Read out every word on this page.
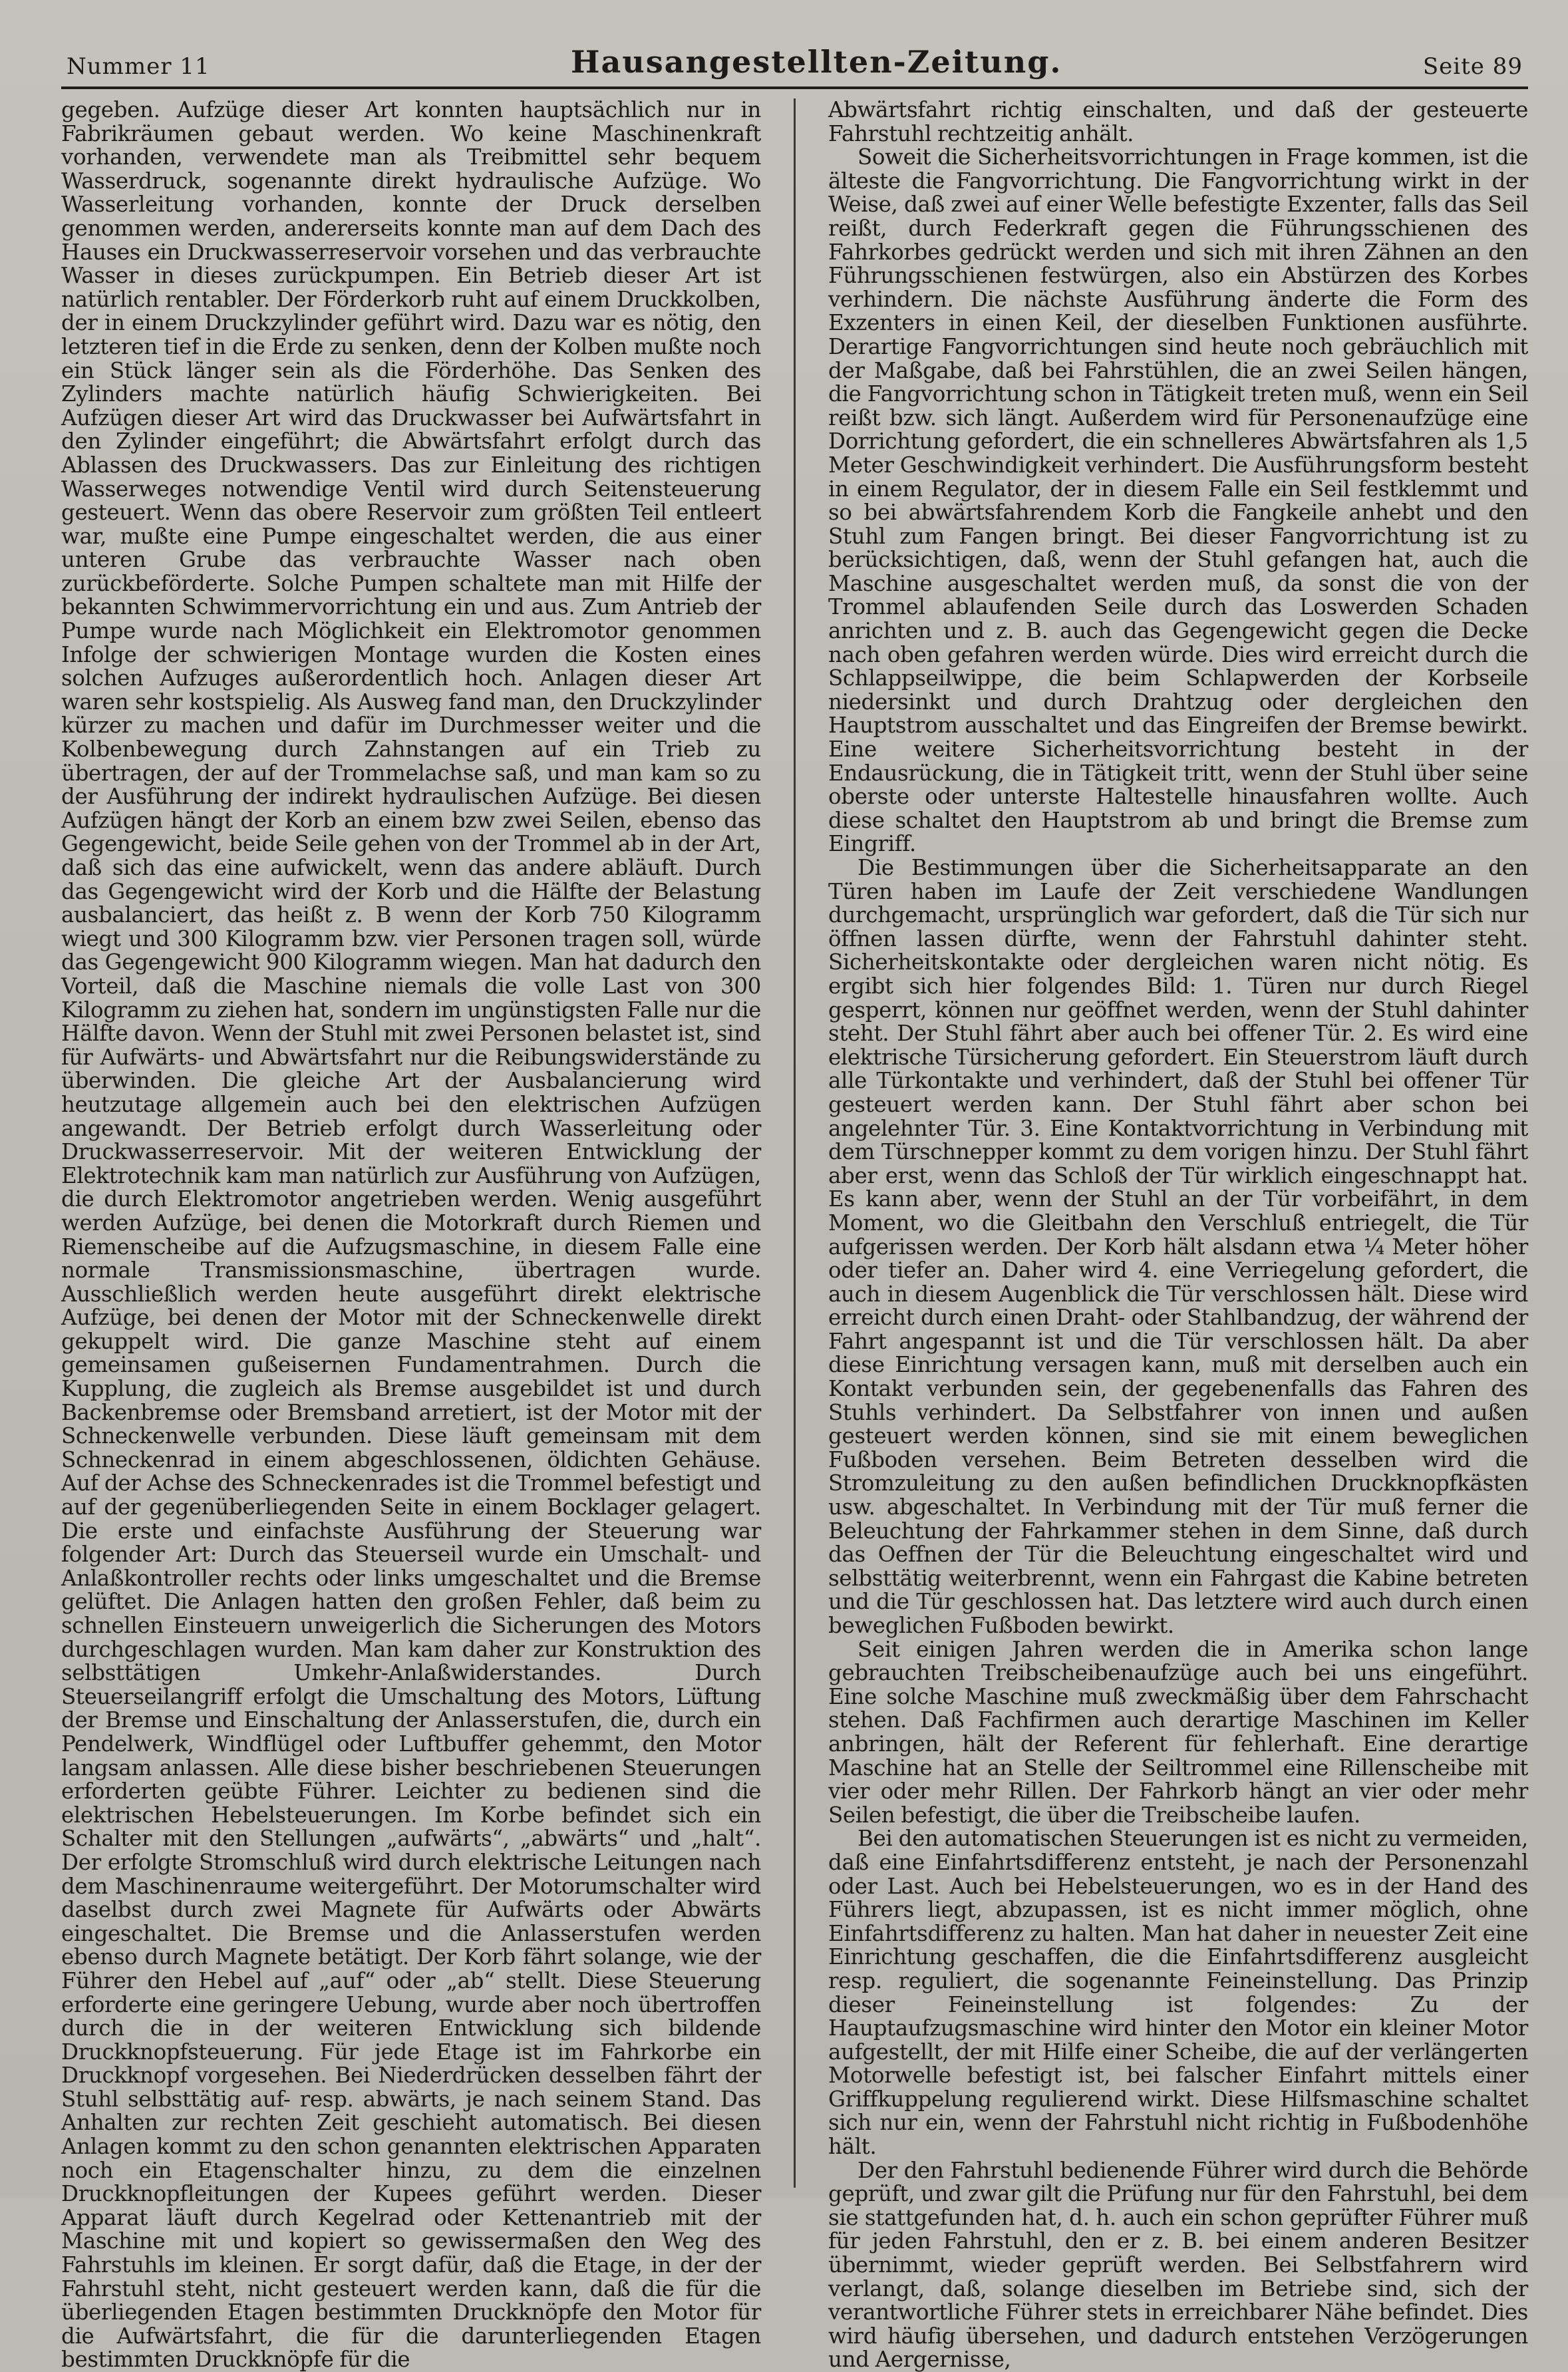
Nummer 11	Hausangestellten-Zeitung.	Seite 89

gegeben. Aufzüge dieser Art konnten hauptsächlich nur in Fabrikräumen gebaut werden. Wo keine Maschinenkraft vorhanden, verwendete man als Treibmittel sehr bequem Wasserdruck, sogenannte direkt hydraulische Aufzüge. Wo Wasserleitung vorhanden, konnte der Druck derselben genommen werden, andererseits konnte man auf dem Dach des Hauses ein Druckwasserreservoir vorsehen und das verbrauchte Wasser in dieses zurückpumpen. Ein Betrieb dieser Art ist natürlich rentabler. Der Förderkorb ruht auf einem Druckkolben, der in einem Druckzylinder geführt wird. Dazu war es nötig, den letzteren tief in die Erde zu senken, denn der Kolben mußte noch ein Stück länger sein als die Förderhöhe. Das Senken des Zylinders machte natürlich häufig Schwierigkeiten. Bei Aufzügen dieser Art wird das Druckwasser bei Aufwärtsfahrt in den Zylinder eingeführt; die Abwärtsfahrt erfolgt durch das Ablassen des Druckwassers. Das zur Einleitung des richtigen Wasserweges notwendige Ventil wird durch Seitensteuerung gesteuert. Wenn das obere Reservoir zum größten Teil entleert war, mußte eine Pumpe eingeschaltet werden, die aus einer unteren Grube das verbrauchte Wasser nach oben zurückbeförderte. Solche Pumpen schaltete man mit Hilfe der bekannten Schwimmervorrichtung ein und aus. Zum Antrieb der Pumpe wurde nach Möglichkeit ein Elektromotor genommen Infolge der schwierigen Montage wurden die Kosten eines solchen Aufzuges außerordentlich hoch. Anlagen dieser Art waren sehr kostspielig. Als Ausweg fand man, den Druckzylinder kürzer zu machen und dafür im Durchmesser weiter und die Kolbenbewegung durch Zahnstangen auf ein Trieb zu übertragen, der auf der Trommelachse saß, und man kam so zu der Ausführung der indirekt hydraulischen Aufzüge. Bei diesen Aufzügen hängt der Korb an einem bzw zwei Seilen, ebenso das Gegengewicht, beide Seile gehen von der Trommel ab in der Art, daß sich das eine aufwickelt, wenn das andere abläuft. Durch das Gegengewicht wird der Korb und die Hälfte der Belastung ausbalanciert, das heißt z. B wenn der Korb 750 Kilogramm wiegt und 300 Kilogramm bzw. vier Personen tragen soll, würde das Gegengewicht 900 Kilogramm wiegen. Man hat dadurch den Vorteil, daß die Maschine niemals die volle Last von 300 Kilogramm zu ziehen hat, sondern im ungünstigsten Falle nur die Hälfte davon. Wenn der Stuhl mit zwei Personen belastet ist, sind für Aufwärts- und Abwärtsfahrt nur die Reibungswiderstände zu überwinden. Die gleiche Art der Ausbalancierung wird heutzutage allgemein auch bei den elektrischen Aufzügen angewandt. Der Betrieb erfolgt durch Wasserleitung oder Druckwasserreservoir. Mit der weiteren Entwicklung der Elektrotechnik kam man natürlich zur Ausführung von Aufzügen, die durch Elektromotor angetrieben werden. Wenig ausgeführt werden Aufzüge, bei denen die Motorkraft durch Riemen und Riemenscheibe auf die Aufzugsmaschine, in diesem Falle eine normale Transmissionsmaschine, übertragen wurde. Ausschließlich werden heute ausgeführt direkt elektrische Aufzüge, bei denen der Motor mit der Schneckenwelle direkt gekuppelt wird. Die ganze Maschine steht auf einem gemeinsamen gußeisernen Fundamentrahmen. Durch die Kupplung, die zugleich als Bremse ausgebildet ist und durch Backenbremse oder Bremsband arretiert, ist der Motor mit der Schneckenwelle verbunden. Diese läuft gemeinsam mit dem Schneckenrad in einem abgeschlossenen, öldichten Gehäuse. Auf der Achse des Schneckenrades ist die Trommel befestigt und auf der gegenüberliegenden Seite in einem Bocklager gelagert. Die erste und einfachste Ausführung der Steuerung war folgender Art: Durch das Steuerseil wurde ein Umschalt- und Anlaßkontroller rechts oder links umgeschaltet und die Bremse gelüftet. Die Anlagen hatten den großen Fehler, daß beim zu schnellen Einsteuern unweigerlich die Sicherungen des Motors durchgeschlagen wurden. Man kam daher zur Konstruktion des selbsttätigen Umkehr-Anlaßwiderstandes. Durch Steuerseilangriff erfolgt die Umschaltung des Motors, Lüftung der Bremse und Einschaltung der Anlasserstufen, die, durch ein Pendelwerk, Windflügel oder Luftbuffer gehemmt, den Motor langsam anlassen. Alle diese bisher beschriebenen Steuerungen erforderten geübte Führer. Leichter zu bedienen sind die elektrischen Hebelsteuerungen. Im Korbe befindet sich ein Schalter mit den Stellungen „aufwärts“, „abwärts“ und „halt“. Der erfolgte Stromschluß wird durch elektrische Leitungen nach dem Maschinenraume weitergeführt. Der Motorumschalter wird daselbst durch zwei Magnete für Aufwärts oder Abwärts eingeschaltet. Die Bremse und die Anlasserstufen werden ebenso durch Magnete betätigt. Der Korb fährt solange, wie der Führer den Hebel auf „auf“ oder „ab“ stellt. Diese Steuerung erforderte eine geringere Uebung, wurde aber noch übertroffen durch die in der weiteren Entwicklung sich bildende Druckknopfsteuerung. Für jede Etage ist im Fahrkorbe ein Druckknopf vorgesehen. Bei Niederdrücken desselben fährt der Stuhl selbsttätig auf- resp. abwärts, je nach seinem Stand. Das Anhalten zur rechten Zeit geschieht automatisch. Bei diesen Anlagen kommt zu den schon genannten elektrischen Apparaten noch ein Etagenschalter hinzu, zu dem die einzelnen Druckknopfleitungen der Kupees geführt werden. Dieser Apparat läuft durch Kegelrad oder Kettenantrieb mit der Maschine mit und kopiert so gewissermaßen den Weg des Fahrstuhls im kleinen. Er sorgt dafür, daß die Etage, in der der Fahrstuhl steht, nicht gesteuert werden kann, daß die für die überliegenden Etagen bestimmten Druckknöpfe den Motor für die Aufwärtsfahrt, die für die darunterliegenden Etagen bestimmten Druckknöpfe für die

Abwärtsfahrt richtig einschalten, und daß der gesteuerte Fahrstuhl rechtzeitig anhält.

Soweit die Sicherheitsvorrichtungen in Frage kommen, ist die älteste die Fangvorrichtung. Die Fangvorrichtung wirkt in der Weise, daß zwei auf einer Welle befestigte Exzenter, falls das Seil reißt, durch Federkraft gegen die Führungsschienen des Fahrkorbes gedrückt werden und sich mit ihren Zähnen an den Führungsschienen festwürgen, also ein Abstürzen des Korbes verhindern. Die nächste Ausführung änderte die Form des Exzenters in einen Keil, der dieselben Funktionen ausführte. Derartige Fangvorrichtungen sind heute noch gebräuchlich mit der Maßgabe, daß bei Fahrstühlen, die an zwei Seilen hängen, die Fangvorrichtung schon in Tätigkeit treten muß, wenn ein Seil reißt bzw. sich längt. Außerdem wird für Personenaufzüge eine Dorrichtung gefordert, die ein schnelleres Abwärtsfahren als 1,5 Meter Geschwindigkeit verhindert. Die Ausführungsform besteht in einem Regulator, der in diesem Falle ein Seil festklemmt und so bei abwärtsfahrendem Korb die Fangkeile anhebt und den Stuhl zum Fangen bringt. Bei dieser Fangvorrichtung ist zu berücksichtigen, daß, wenn der Stuhl gefangen hat, auch die Maschine ausgeschaltet werden muß, da sonst die von der Trommel ablaufenden Seile durch das Loswerden Schaden anrichten und z. B. auch das Gegengewicht gegen die Decke nach oben gefahren werden würde. Dies wird erreicht durch die Schlappseilwippe, die beim Schlapwerden der Korbseile niedersinkt und durch Drahtzug oder dergleichen den Hauptstrom ausschaltet und das Eingreifen der Bremse bewirkt. Eine weitere Sicherheitsvorrichtung besteht in der Endausrückung, die in Tätigkeit tritt, wenn der Stuhl über seine oberste oder unterste Haltestelle hinausfahren wollte. Auch diese schaltet den Hauptstrom ab und bringt die Bremse zum Eingriff.

Die Bestimmungen über die Sicherheitsapparate an den Türen haben im Laufe der Zeit verschiedene Wandlungen durchgemacht, ursprünglich war gefordert, daß die Tür sich nur öffnen lassen dürfte, wenn der Fahrstuhl dahinter steht. Sicherheitskontakte oder dergleichen waren nicht nötig. Es ergibt sich hier folgendes Bild: 1. Türen nur durch Riegel gesperrt, können nur geöffnet werden, wenn der Stuhl dahinter steht. Der Stuhl fährt aber auch bei offener Tür. 2. Es wird eine elektrische Türsicherung gefordert. Ein Steuerstrom läuft durch alle Türkontakte und verhindert, daß der Stuhl bei offener Tür gesteuert werden kann. Der Stuhl fährt aber schon bei angelehnter Tür. 3. Eine Kontaktvorrichtung in Verbindung mit dem Türschnepper kommt zu dem vorigen hinzu. Der Stuhl fährt aber erst, wenn das Schloß der Tür wirklich eingeschnappt hat. Es kann aber, wenn der Stuhl an der Tür vorbeifährt, in dem Moment, wo die Gleitbahn den Verschluß entriegelt, die Tür aufgerissen werden. Der Korb hält alsdann etwa ¼ Meter höher oder tiefer an. Daher wird 4. eine Verriegelung gefordert, die auch in diesem Augenblick die Tür verschlossen hält. Diese wird erreicht durch einen Draht- oder Stahlbandzug, der während der Fahrt angespannt ist und die Tür verschlossen hält. Da aber diese Einrichtung versagen kann, muß mit derselben auch ein Kontakt verbunden sein, der gegebenenfalls das Fahren des Stuhls verhindert. Da Selbstfahrer von innen und außen gesteuert werden können, sind sie mit einem beweglichen Fußboden versehen. Beim Betreten desselben wird die Stromzuleitung zu den außen befindlichen Druckknopfkästen usw. abgeschaltet. In Verbindung mit der Tür muß ferner die Beleuchtung der Fahrkammer stehen in dem Sinne, daß durch das Oeffnen der Tür die Beleuchtung eingeschaltet wird und selbsttätig weiterbrennt, wenn ein Fahrgast die Kabine betreten und die Tür geschlossen hat. Das letztere wird auch durch einen beweglichen Fußboden bewirkt.

Seit einigen Jahren werden die in Amerika schon lange gebrauchten Treibscheibenaufzüge auch bei uns eingeführt. Eine solche Maschine muß zweckmäßig über dem Fahrschacht stehen. Daß Fachfirmen auch derartige Maschinen im Keller anbringen, hält der Referent für fehlerhaft. Eine derartige Maschine hat an Stelle der Seiltrommel eine Rillenscheibe mit vier oder mehr Rillen. Der Fahrkorb hängt an vier oder mehr Seilen befestigt, die über die Treibscheibe laufen.

Bei den automatischen Steuerungen ist es nicht zu vermeiden, daß eine Einfahrtsdifferenz entsteht, je nach der Personenzahl oder Last. Auch bei Hebelsteuerungen, wo es in der Hand des Führers liegt, abzupassen, ist es nicht immer möglich, ohne Einfahrtsdifferenz zu halten. Man hat daher in neuester Zeit eine Einrichtung geschaffen, die die Einfahrtsdifferenz ausgleicht resp. reguliert, die sogenannte Feineinstellung. Das Prinzip dieser Feineinstellung ist folgendes: Zu der Hauptaufzugsmaschine wird hinter den Motor ein kleiner Motor aufgestellt, der mit Hilfe einer Scheibe, die auf der verlängerten Motorwelle befestigt ist, bei falscher Einfahrt mittels einer Griffkuppelung regulierend wirkt. Diese Hilfsmaschine schaltet sich nur ein, wenn der Fahrstuhl nicht richtig in Fußbodenhöhe hält.

Der den Fahrstuhl bedienende Führer wird durch die Behörde geprüft, und zwar gilt die Prüfung nur für den Fahrstuhl, bei dem sie stattgefunden hat, d. h. auch ein schon geprüfter Führer muß für jeden Fahrstuhl, den er z. B. bei einem anderen Besitzer übernimmt, wieder geprüft werden. Bei Selbstfahrern wird verlangt, daß, solange dieselben im Betriebe sind, sich der verantwortliche Führer stets in erreichbarer Nähe befindet. Dies wird häufig übersehen, und dadurch entstehen Verzögerungen und Aergernisse,
